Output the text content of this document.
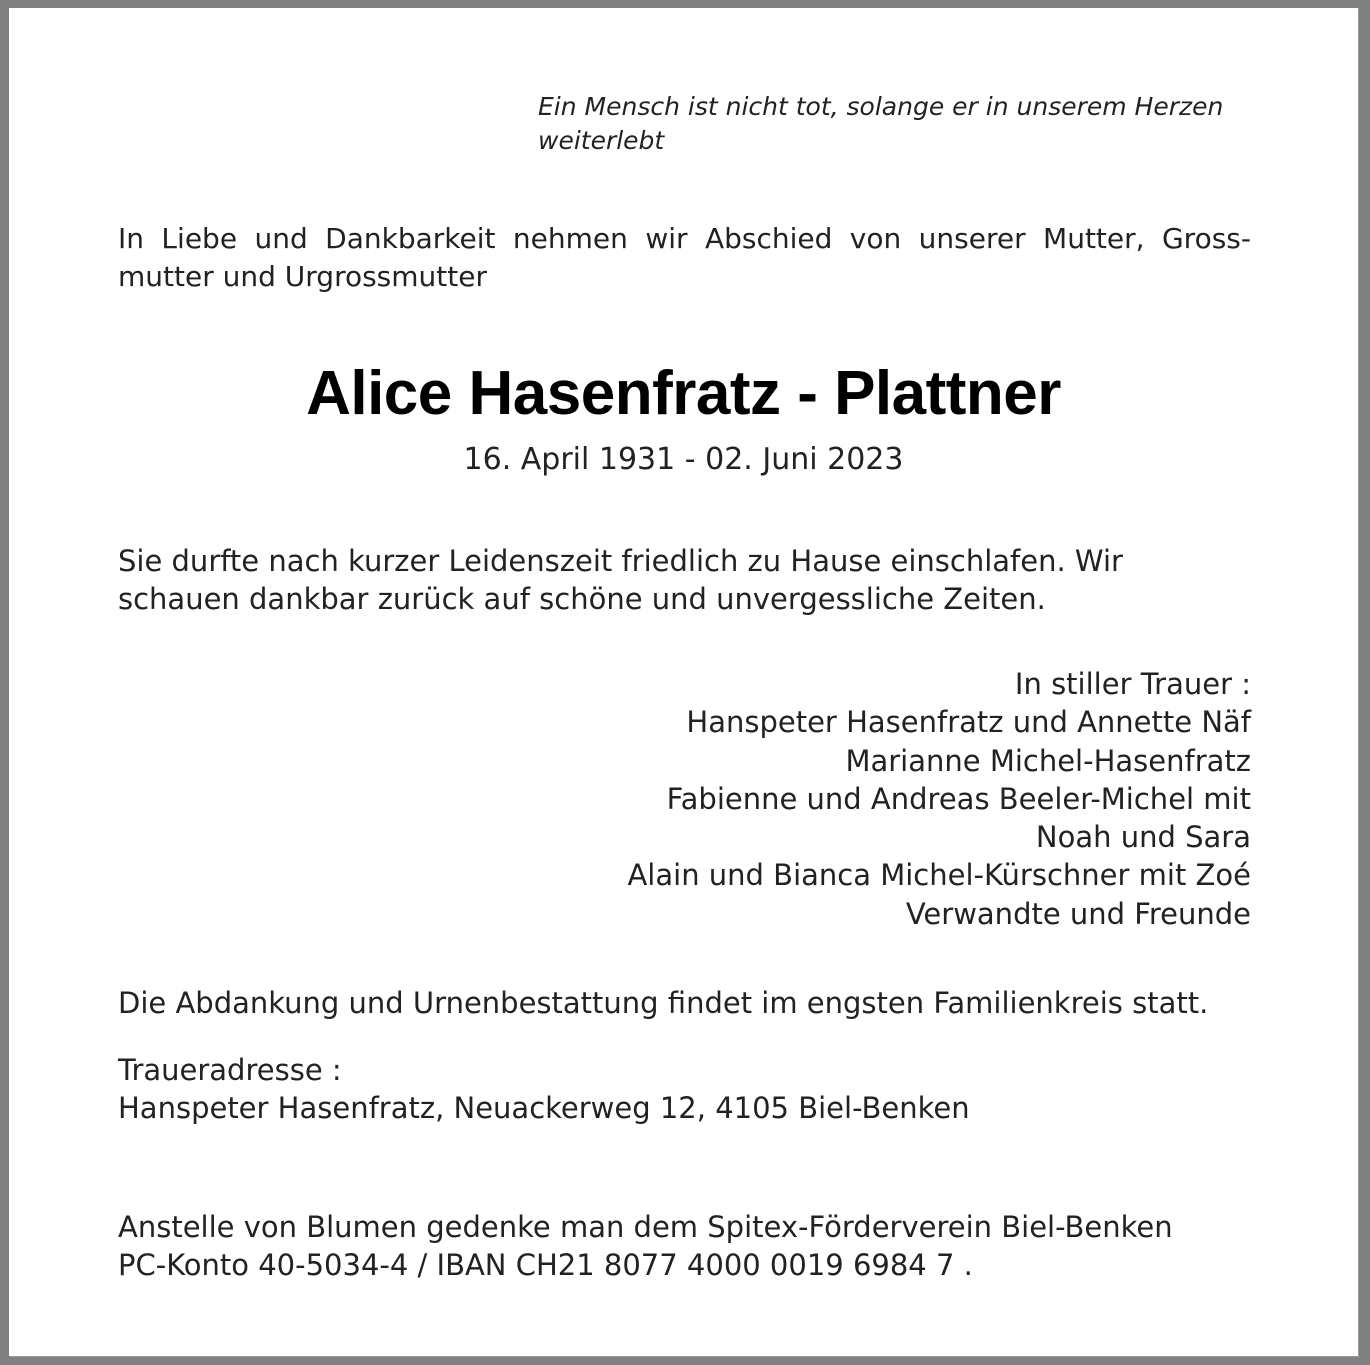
Ein Mensch ist nicht tot, solange er in unserem Herzen
weiterlebt
In Liebe und Dankbarkeit nehmen wir Abschied von unserer Mutter, Gross-
mutter und Urgrossmutter
Alice Hasenfratz - Plattner
16. April 1931 - 02. Juni 2023
Sie durfte nach kurzer Leidenszeit friedlich zu Hause einschlafen. Wir
schauen dankbar zurück auf schöne und unvergessliche Zeiten.
In stiller Trauer :
Hanspeter Hasenfratz und Annette Näf
Marianne Michel-Hasenfratz
Fabienne und Andreas Beeler-Michel mit
Noah und Sara
Alain und Bianca Michel-Kürschner mit Zoé
Verwandte und Freunde
Die Abdankung und Urnenbestattung findet im engsten Familienkreis statt.
Traueradresse :
Hanspeter Hasenfratz, Neuackerweg 12, 4105 Biel-Benken
Anstelle von Blumen gedenke man dem Spitex-Förderverein Biel-Benken
PC-Konto 40-5034-4 / IBAN CH21 8077 4000 0019 6984 7 .
